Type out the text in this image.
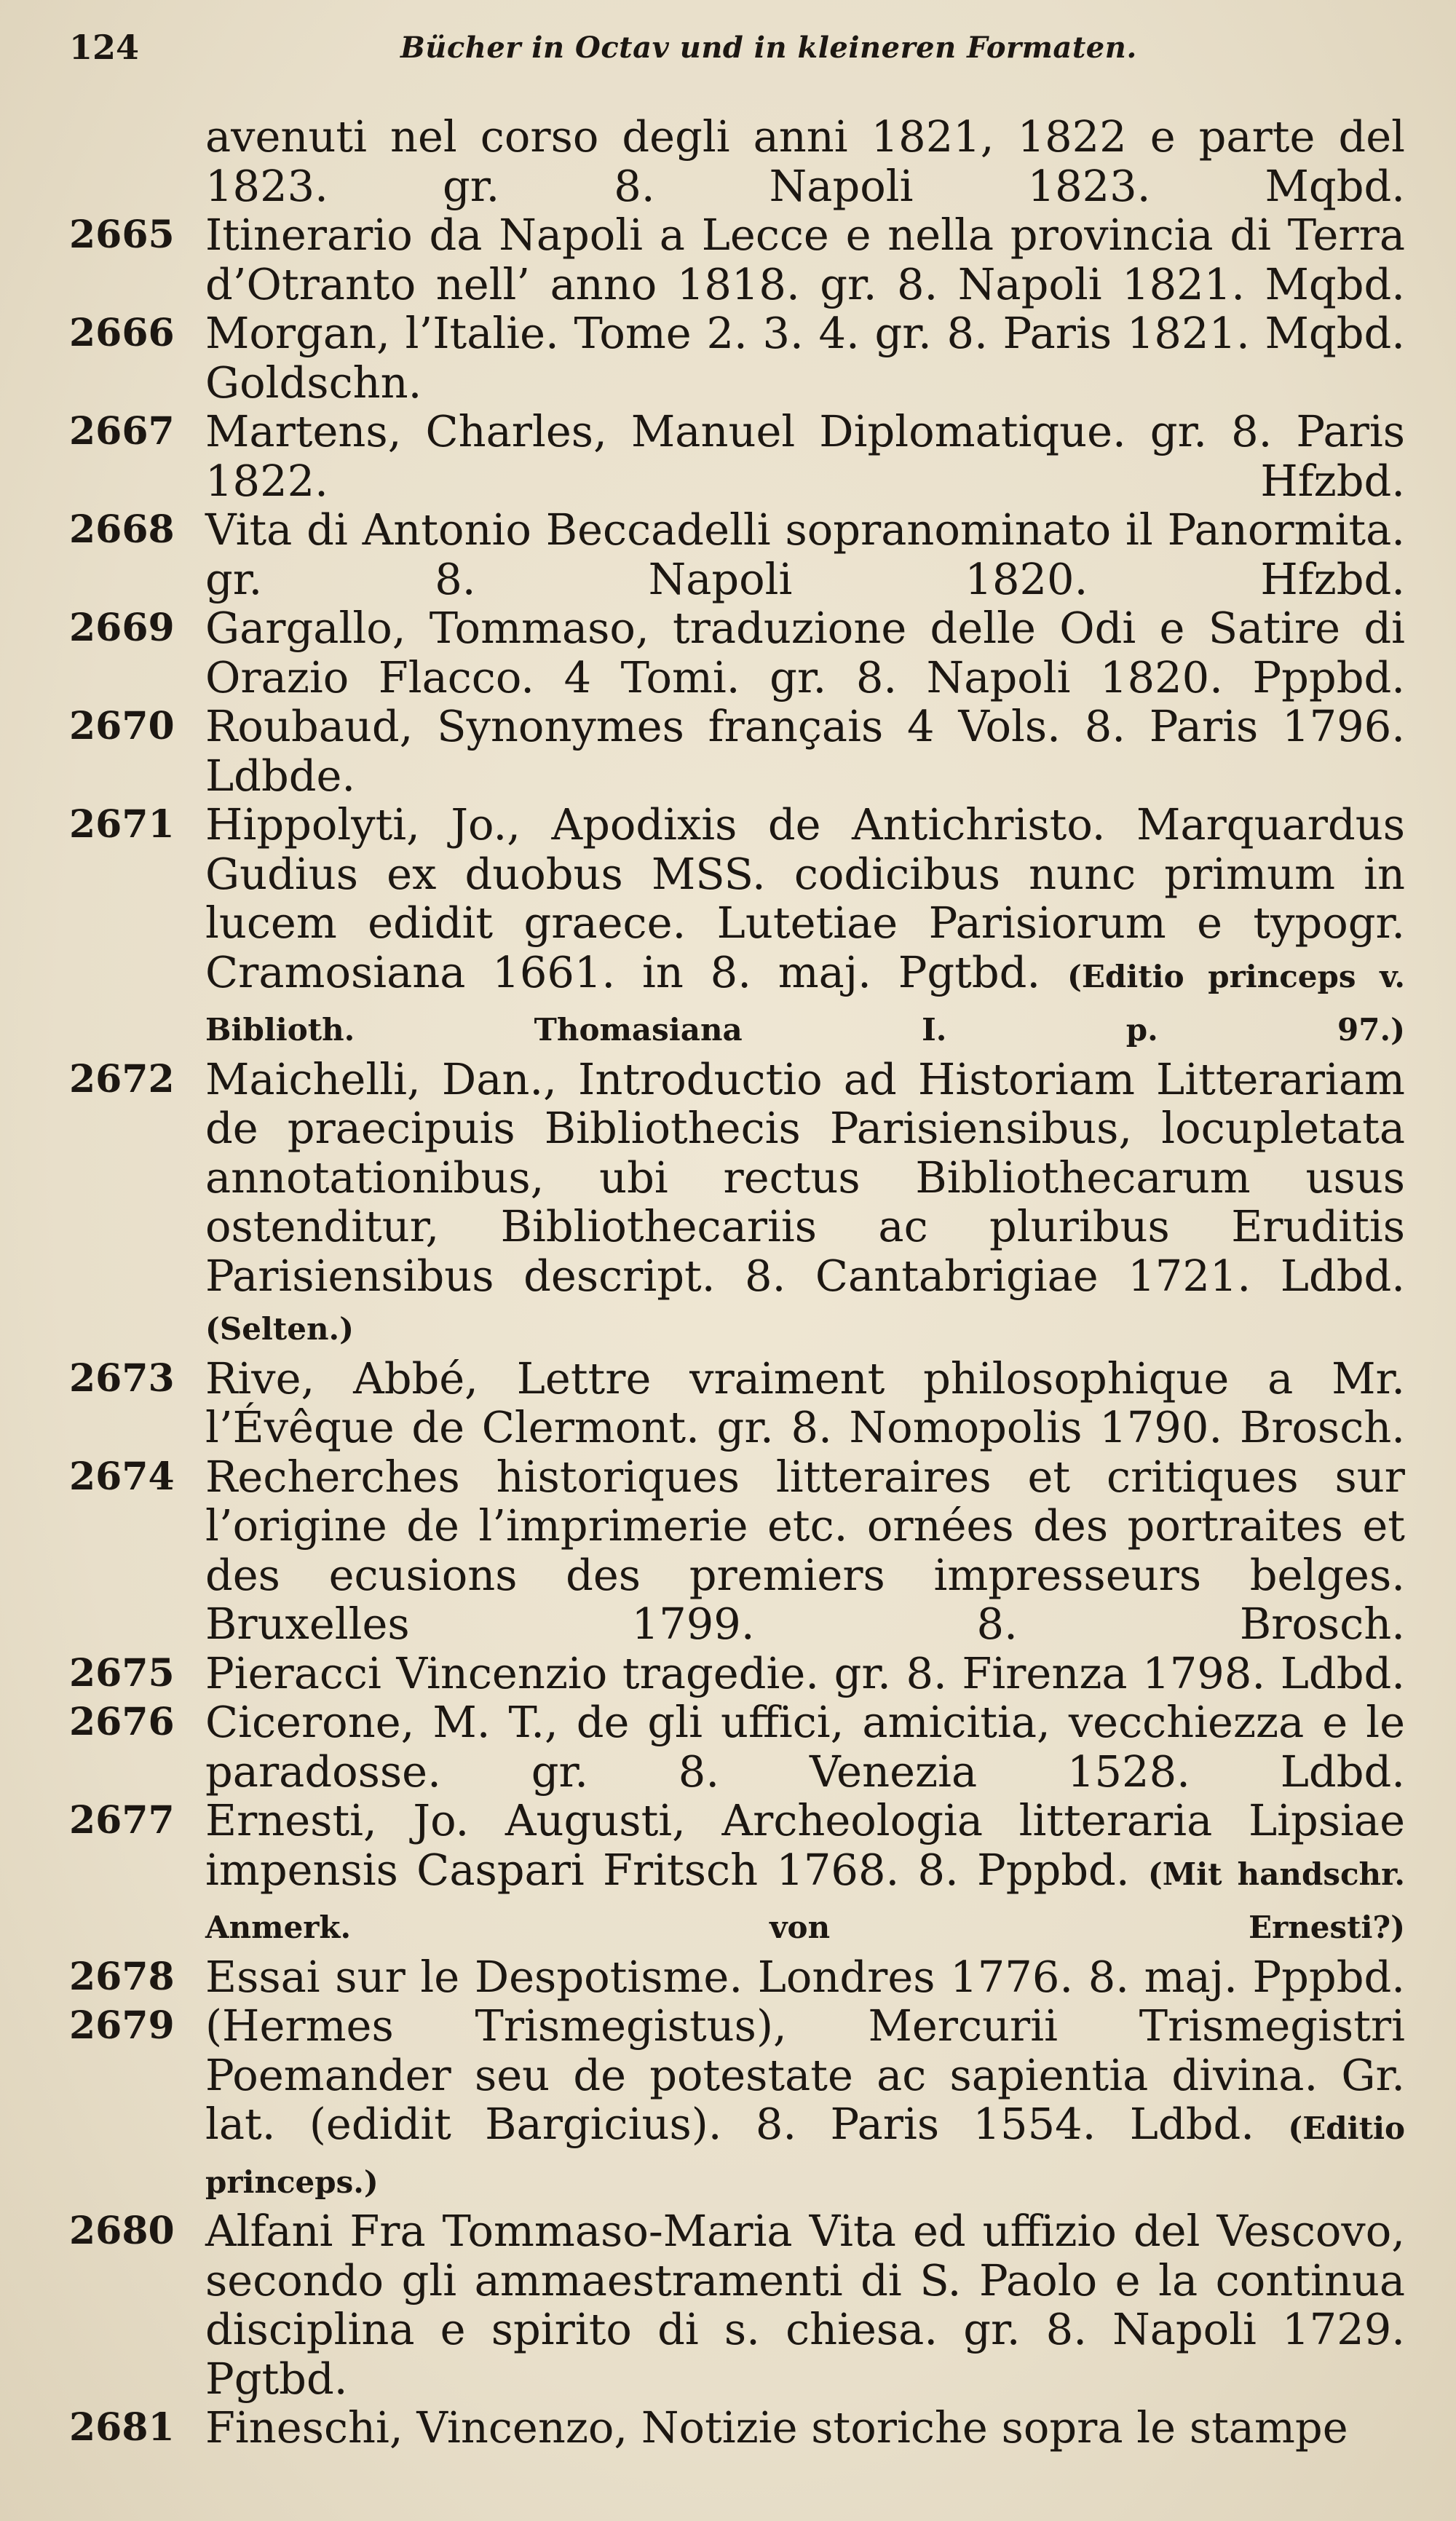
124	Bücher in Octav und in kleineren Formaten.

avenuti nel corso degli anni 1821, 1822 e parte del 1823. gr. 8. Napoli 1823. Mqbd.

2665 Itinerario da Napoli a Lecce e nella provincia di Terra d’Otranto nell’ anno 1818. gr. 8. Napoli 1821. Mqbd.

2666 Morgan, l’Italie. Tome 2. 3. 4. gr. 8. Paris 1821. Mqbd. Goldschn.

2667 Martens, Charles, Manuel Diplomatique. gr. 8. Paris 1822. Hfzbd.

2668 Vita di Antonio Beccadelli sopranominato il Panormita. gr. 8. Napoli 1820. Hfzbd.

2669 Gargallo, Tommaso, traduzione delle Odi e Satire di Orazio Flacco. 4 Tomi. gr. 8. Napoli 1820. Pppbd.

2670 Roubaud, Synonymes français 4 Vols. 8. Paris 1796. Ldbde.

2671 Hippolyti, Jo., Apodixis de Antichristo. Marquardus Gudius ex duobus MSS. codicibus nunc primum in lucem edidit graece. Lutetiae Parisiorum e typogr. Cramosiana 1661. in 8. maj. Pgtbd. (Editio princeps v. Biblioth. Thomasiana I. p. 97.)

2672 Maichelli, Dan., Introductio ad Historiam Litterariam de praecipuis Bibliothecis Parisiensibus, locupletata annotationibus, ubi rectus Bibliothecarum usus ostenditur, Bibliothecariis ac pluribus Eruditis Parisiensibus descript. 8. Cantabrigiae 1721. Ldbd. (Selten.)

2673 Rive, Abbé, Lettre vraiment philosophique a Mr. l’Évêque de Clermont. gr. 8. Nomopolis 1790. Brosch.

2674 Recherches historiques litteraires et critiques sur l’origine de l’imprimerie etc. ornées des portraites et des ecusions des premiers impresseurs belges. Bruxelles 1799. 8. Brosch.

2675 Pieracci Vincenzio tragedie. gr. 8. Firenza 1798. Ldbd.

2676 Cicerone, M. T., de gli uffici, amicitia, vecchiezza e le paradosse. gr. 8. Venezia 1528. Ldbd.

2677 Ernesti, Jo. Augusti, Archeologia litteraria Lipsiae impensis Caspari Fritsch 1768. 8. Pppbd. (Mit handschr. Anmerk. von Ernesti?)

2678 Essai sur le Despotisme. Londres 1776. 8. maj. Pppbd.

2679 (Hermes Trismegistus), Mercurii Trismegistri Poemander seu de potestate ac sapientia divina. Gr. lat. (edidit Bargicius). 8. Paris 1554. Ldbd. (Editio princeps.)

2680 Alfani Fra Tommaso-Maria Vita ed uffizio del Vescovo, secondo gli ammaestramenti di S. Paolo e la continua disciplina e spirito di s. chiesa. gr. 8. Napoli 1729. Pgtbd.

2681 Fineschi, Vincenzo, Notizie storiche sopra le stampe
